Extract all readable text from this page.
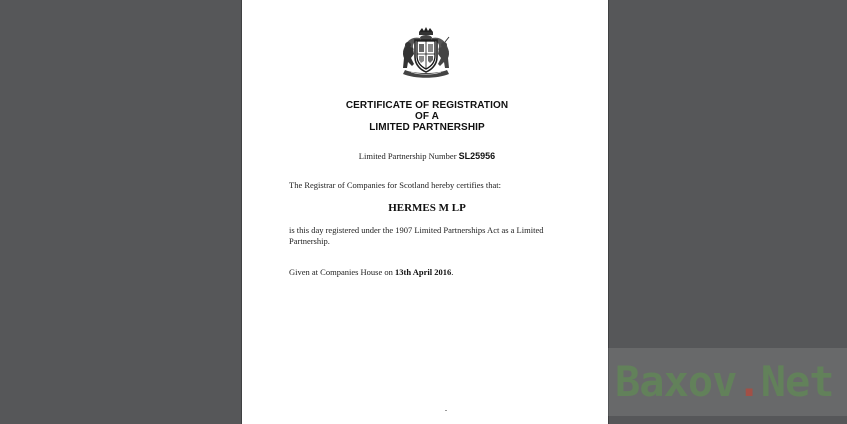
CERTIFICATE OF REGISTRATION
OF A
LIMITED PARTNERSHIP
Limited Partnership Number SL25956
The Registrar of Companies for Scotland hereby certifies that:
HERMES M LP
is this day registered under the 1907 Limited Partnerships Act as a Limited Partnership.
Given at Companies House on 13th April 2016.
Baxov.Net
